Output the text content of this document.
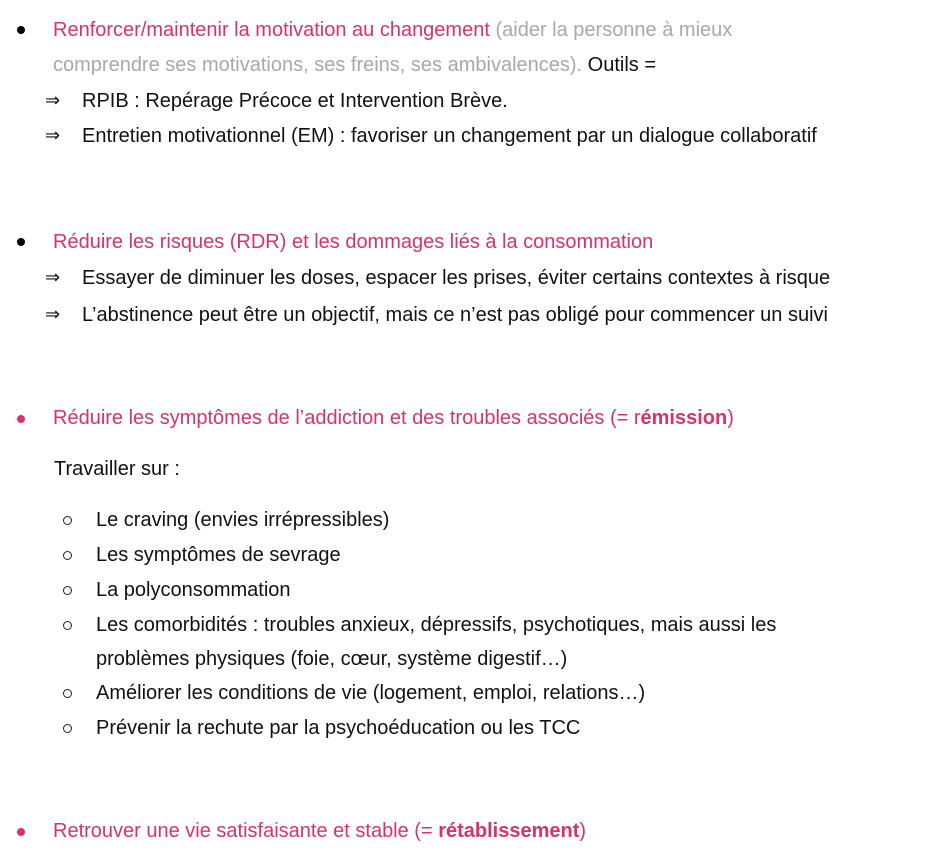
Renforcer/maintenir la motivation au changement (aider la personne à mieux
comprendre ses motivations, ses freins, ses ambivalences). Outils =
⇒ RPIB : Repérage Précoce et Intervention Brève.
⇒ Entretien motivationnel (EM) : favoriser un changement par un dialogue collaboratif
Réduire les risques (RDR) et les dommages liés à la consommation
⇒ Essayer de diminuer les doses, espacer les prises, éviter certains contextes à risque
⇒ L’abstinence peut être un objectif, mais ce n’est pas obligé pour commencer un suivi
Réduire les symptômes de l’addiction et des troubles associés (= rémission)
Travailler sur :
Le craving (envies irrépressibles)
Les symptômes de sevrage
La polyconsommation
Les comorbidités : troubles anxieux, dépressifs, psychotiques, mais aussi les
problèmes physiques (foie, cœur, système digestif…)
Améliorer les conditions de vie (logement, emploi, relations…)
Prévenir la rechute par la psychoéducation ou les TCC
Retrouver une vie satisfaisante et stable (= rétablissement)
